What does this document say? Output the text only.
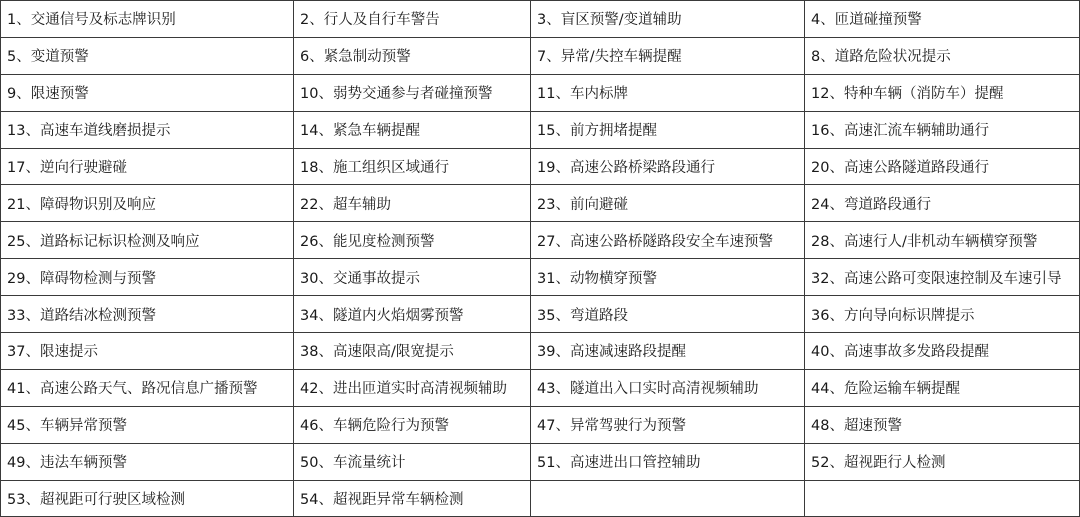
1、交通信号及标志牌识别	2、行人及自行车警告	3、盲区预警/变道辅助	4、匝道碰撞预警
5、变道预警	6、紧急制动预警	7、异常/失控车辆提醒	8、道路危险状况提示
9、限速预警	10、弱势交通参与者碰撞预警	11、车内标牌	12、特种车辆（消防车）提醒
13、高速车道线磨损提示	14、紧急车辆提醒	15、前方拥堵提醒	16、高速汇流车辆辅助通行
17、逆向行驶避碰	18、施工组织区域通行	19、高速公路桥梁路段通行	20、高速公路隧道路段通行
21、障碍物识别及响应	22、超车辅助	23、前向避碰	24、弯道路段通行
25、道路标记标识检测及响应	26、能见度检测预警	27、高速公路桥隧路段安全车速预警	28、高速行人/非机动车辆横穿预警
29、障碍物检测与预警	30、交通事故提示	31、动物横穿预警	32、高速公路可变限速控制及车速引导
33、道路结冰检测预警	34、隧道内火焰烟雾预警	35、弯道路段	36、方向导向标识牌提示
37、限速提示	38、高速限高/限宽提示	39、高速减速路段提醒	40、高速事故多发路段提醒
41、高速公路天气、路况信息广播预警	42、进出匝道实时高清视频辅助	43、隧道出入口实时高清视频辅助	44、危险运输车辆提醒
45、车辆异常预警	46、车辆危险行为预警	47、异常驾驶行为预警	48、超速预警
49、违法车辆预警	50、车流量统计	51、高速进出口管控辅助	52、超视距行人检测
53、超视距可行驶区域检测	54、超视距异常车辆检测		
